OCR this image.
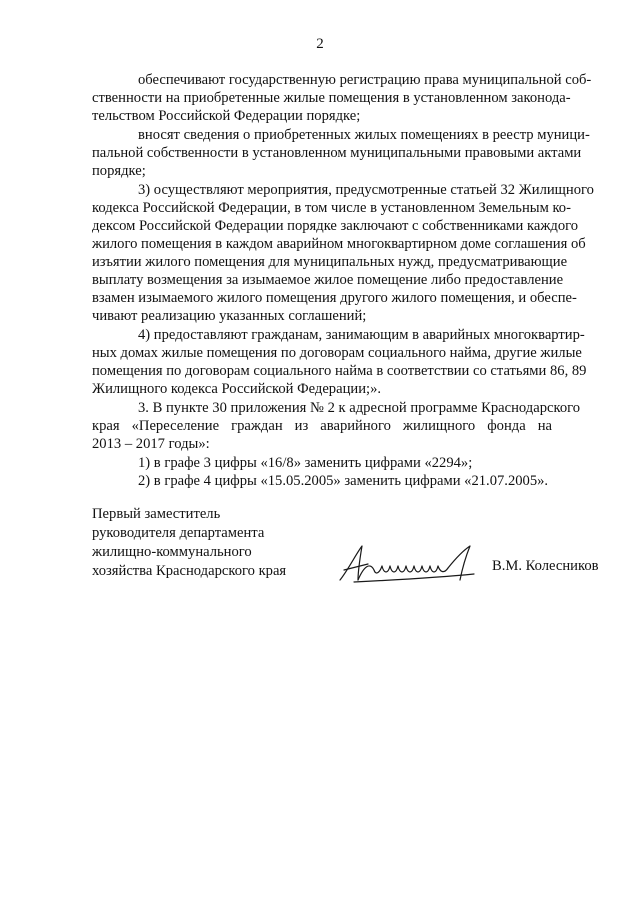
2
обеспечивают государственную регистрацию права муниципальной соб-
ственности на приобретенные жилые помещения в установленном законода-
тельством Российской Федерации порядке;
вносят сведения о приобретенных жилых помещениях в реестр муници-
пальной собственности в установленном муниципальными правовыми актами
порядке;
3) осуществляют мероприятия, предусмотренные статьей 32 Жилищного
кодекса Российской Федерации, в том числе в установленном Земельным ко-
дексом Российской Федерации порядке заключают с собственниками каждого
жилого помещения в каждом аварийном многоквартирном доме соглашения об
изъятии жилого помещения для муниципальных нужд, предусматривающие
выплату возмещения за изымаемое жилое помещение либо предоставление
взамен изымаемого жилого помещения другого жилого помещения, и обеспе-
чивают реализацию указанных соглашений;
4) предоставляют гражданам, занимающим в аварийных многоквартир-
ных домах жилые помещения по договорам социального найма, другие жилые
помещения по договорам социального найма в соответствии со статьями 86, 89
Жилищного кодекса Российской Федерации;».
3. В пункте 30 приложения № 2 к адресной программе Краснодарского
края «Переселение граждан из аварийного жилищного фонда на
2013 – 2017 годы»:
1) в графе 3 цифры «16/8» заменить цифрами «2294»;
2) в графе 4 цифры «15.05.2005» заменить цифрами «21.07.2005».
Первый заместитель
руководителя департамента
жилищно-коммунального
хозяйства Краснодарского края	В.М. Колесников
